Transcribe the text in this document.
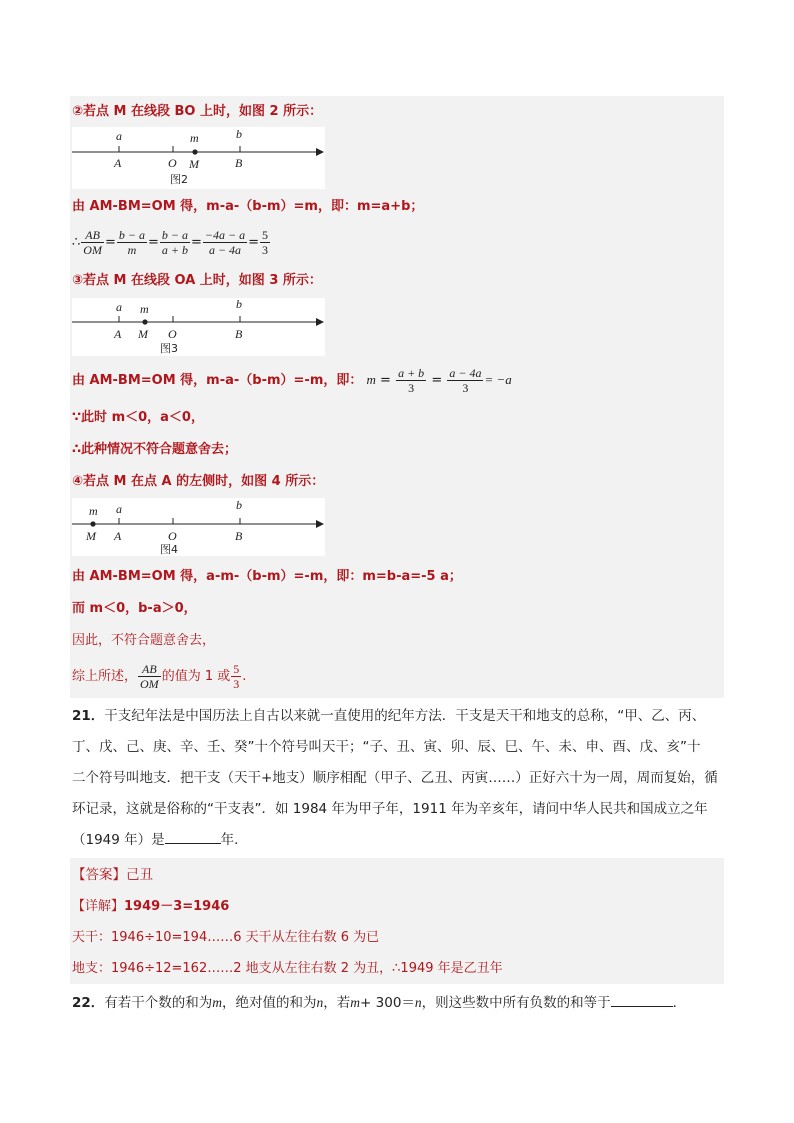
②若点 M 在线段 BO 上时，如图 2 所示：
a	m	b
A	O M	B
图2
由 AM-BM=OM 得，m-a-（b-m）=m，即：m=a+b；
∴ $\frac{AB}{OM} = \frac{b - a}{m} = \frac{b - a}{a + b} = \frac{-4a - a}{a - 4a} = \frac{5}{3}$
③若点 M 在线段 OA 上时，如图 3 所示：
a m	b
A M O	B
图3
由 AM-BM=OM 得，m-a-（b-m）=-m，即： $m = \frac{a + b}{3} = \frac{a - 4a}{3} = -a$
∵此时 m＜0，a＜0，
∴此种情况不符合题意舍去；
④若点 M 在点 A 的左侧时，如图 4 所示：
m a	b
M A	O	B
图4
由 AM-BM=OM 得，a-m-（b-m）=-m，即：m=b-a=-5 a；
而 m＜0，b-a＞0，
因此，不符合题意舍去，
综上所述， $\frac{AB}{OM}$ 的值为 1 或 $\frac{5}{3}$ .
21．干支纪年法是中国历法上自古以来就一直使用的纪年方法．干支是天干和地支的总称，“甲、乙、丙、
丁、戊、己、庚、辛、壬、癸”十个符号叫天干；“子、丑、寅、卯、辰、巳、午、未、申、酉、戊、亥”十
二个符号叫地支．把干支（天干+地支）顺序相配（甲子、乙丑、丙寅……）正好六十为一周，周而复始，循
环记录，这就是俗称的“干支表”．如 1984 年为甲子年，1911 年为辛亥年，请问中华人民共和国成立之年
（1949 年）是	年．
【答案】己丑
【详解】1949－3=1946
天干：1946÷10=194……6 天干从左往右数 6 为已
地支：1946÷12=162……2 地支从左往右数 2 为丑，∴1949 年是乙丑年
22．有若干个数的和为m，绝对值的和为n，若m+ 300＝n，则这些数中所有负数的和等于	．
